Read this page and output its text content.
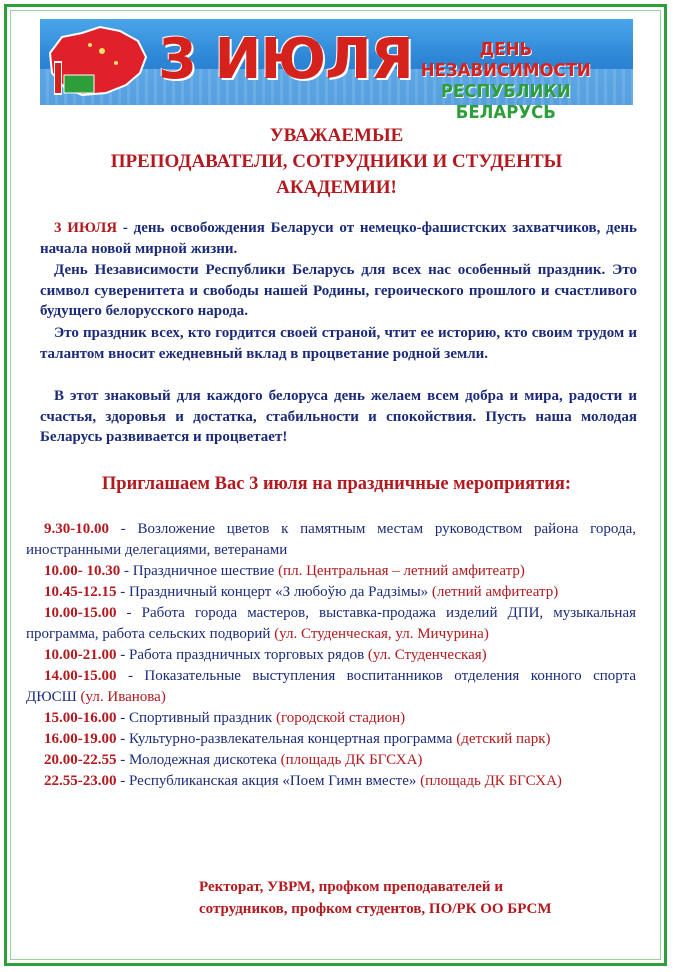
3 ИЮЛЯ	ДЕНЬ НЕЗАВИСИМОСТИ
РЕСПУБЛИКИ БЕЛАРУСЬ
УВАЖАЕМЫЕ
ПРЕПОДАВАТЕЛИ, СОТРУДНИКИ И СТУДЕНТЫ
АКАДЕМИИ!

3 ИЮЛЯ - день освобождения Беларуси от немецко-фашистских захватчиков, день начала новой мирной жизни.

День Независимости Республики Беларусь для всех нас особенный праздник. Это символ суверенитета и свободы нашей Родины, героического прошлого и счастливого будущего белорусского народа.

Это праздник всех, кто гордится своей страной, чтит ее историю, кто своим трудом и талантом вносит ежедневный вклад в процветание родной земли.

В этот знаковый для каждого белоруса день желаем всем добра и мира, радости и счастья, здоровья и достатка, стабильности и спокойствия. Пусть наша молодая Беларусь развивается и процветает!

Приглашаем Вас 3 июля на праздничные мероприятия:

9.30-10.00 - Возложение цветов к памятным местам руководством района города, иностранными делегациями, ветеранами

10.00- 10.30 - Праздничное шествие (пл. Центральная – летний амфитеатр)

10.45-12.15 - Праздничный концерт «З любоўю да Радзімы» (летний амфитеатр)

10.00-15.00 - Работа города мастеров, выставка-продажа изделий ДПИ, музыкальная программа, работа сельских подворий (ул. Студенческая, ул. Мичурина)

10.00-21.00 - Работа праздничных торговых рядов (ул. Студенческая)

14.00-15.00 - Показательные выступления воспитанников отделения конного спорта ДЮСШ (ул. Иванова)

15.00-16.00 - Спортивный праздник (городской стадион)

16.00-19.00 - Культурно-развлекательная концертная программа (детский парк)

20.00-22.55 - Молодежная дискотека (площадь ДК БГСХА)

22.55-23.00 - Республиканская акция «Поем Гимн вместе» (площадь ДК БГСХА)

Ректорат, УВРМ, профком преподавателей и
сотрудников, профком студентов, ПО/РК ОО БРСМ
